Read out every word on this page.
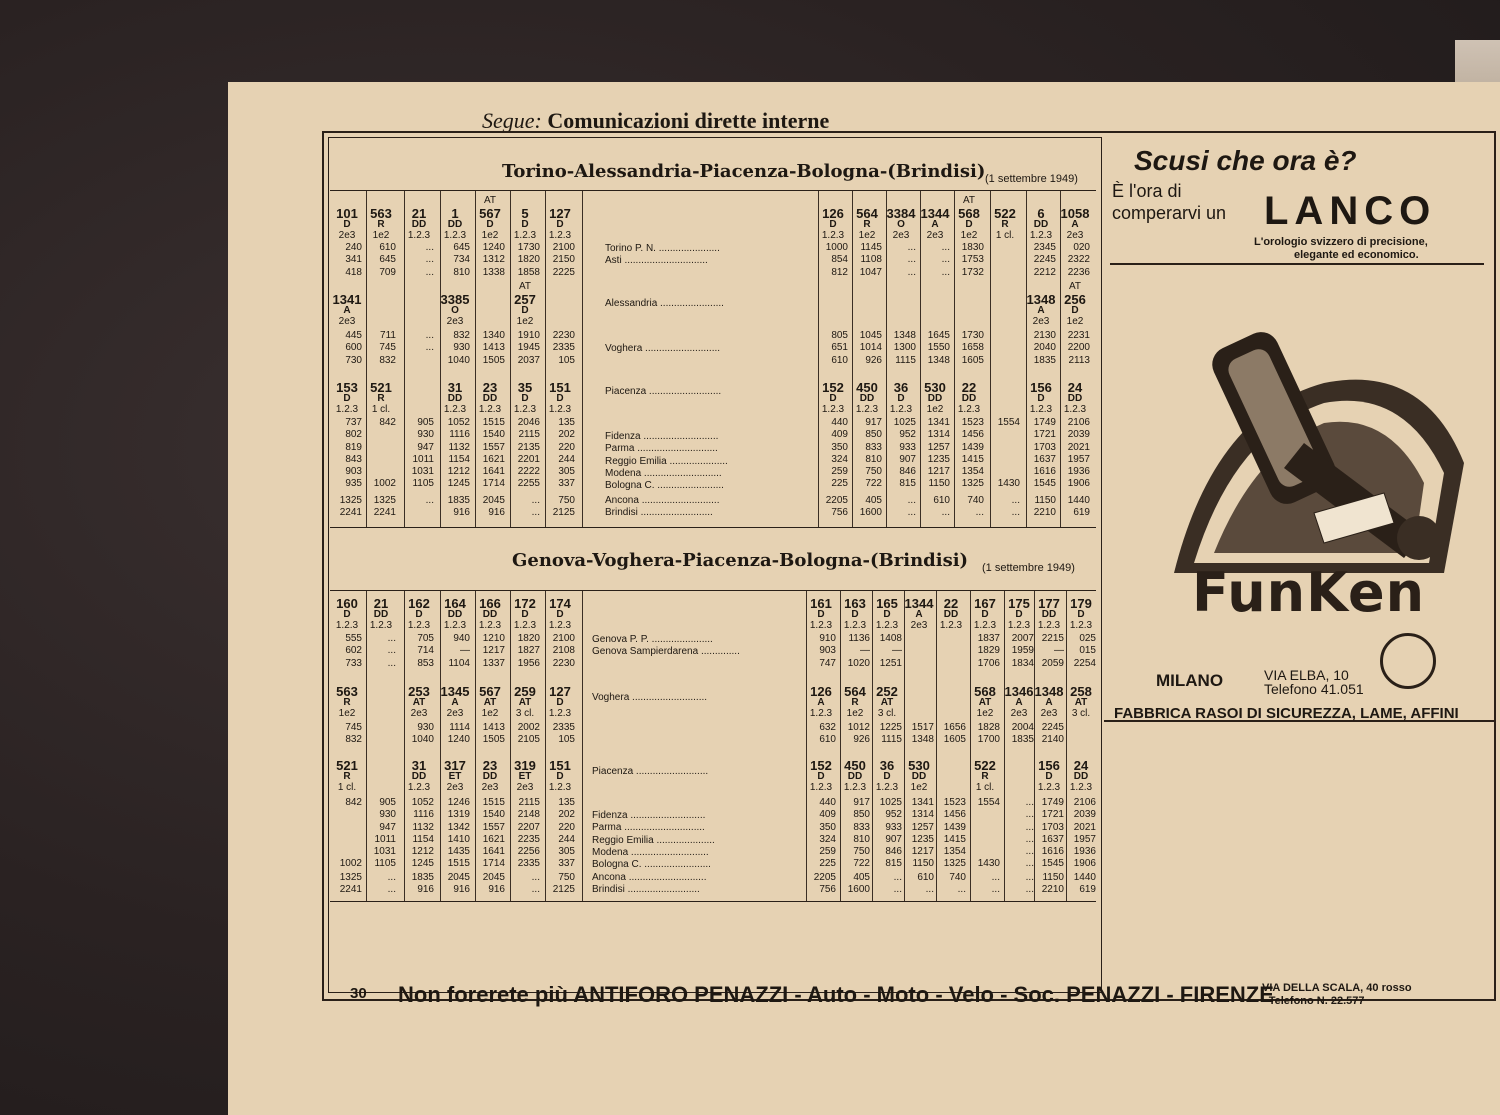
Segue: Comunicazioni dirette interne
Torino-Alessandria-Piacenza-Bologna-(Brindisi) (1 settembre 1949)
101
D
2e3
563
R
1e2
21
DD
1.2.3
1
DD
1.2.3
AT
567
D
1e2
5
D
1.2.3
127
D
1.2.3
126
D
1.2.3
564
R
1e2
3384
O
2e3
1344
A
2e3
AT
568
D
1e2
522
R
1 cl.
6
DD
1.2.3
1058
A
2e3
240
341
418
610
645
709
...
...
...
645
734
810
1240
1312
1338
1730
1820
1858
2100
2150
2225
1000
854
812
1145
1108
1047
...
...
...
...
...
...
1830
1753
1732
2345
2245
2212
020
2322
2236
Torino P. N. ......................
Asti ..............................
1341
A
2e3
3385
O
2e3
AT
257
D
1e2
1348
A
2e3
AT
256
D
1e2
Alessandria .......................
445
600
730
711
745
832
...
...

832
930
1040
1340
1413
1505
1910
1945
2037
2230
2335
105
805
651
610
1045
1014
926
1348
1300
1115
1645
1550
1348
1730
1658
1605
2130
2040
1835
2231
2200
2113
Voghera ...........................
153
D
1.2.3
521
R
1 cl.
31
DD
1.2.3
23
DD
1.2.3
35
D
1.2.3
151
D
1.2.3
152
D
1.2.3
450
DD
1.2.3
36
D
1.2.3
530
DD
1e2
22
DD
1.2.3
156
D
1.2.3
24
DD
1.2.3
Piacenza ..........................
737
802
819
843
903
935
842

1002
905
930
947
1011
1031
1105
1052
1116
1132
1154
1212
1245
1515
1540
1557
1621
1641
1714
2046
2115
2135
2201
2222
2255
135
202
220
244
305
337
440
409
350
324
259
225
917
850
833
810
750
722
1025
952
933
907
846
815
1341
1314
1257
1235
1217
1150
1523
1456
1439
1415
1354
1325
1554

1430
1749
1721
1703
1637
1616
1545
2106
2039
2021
1957
1936
1906
Fidenza ...........................
Parma .............................
Reggio Emilia .....................
Modena ............................
Bologna C. ........................
1325
2241
1325
2241
...	1835
916
2045
916
...
...
750
2125
2205
756
405
1600
...
...
610
...
740
...
...
...
1150
2210
1440
619
Ancona ............................
Brindisi ..........................
Genova-Voghera-Piacenza-Bologna-(Brindisi) (1 settembre 1949)
160
D
1.2.3
21
DD
1.2.3
162
D
1.2.3
164
DD
1.2.3
166
DD
1.2.3
172
D
1.2.3
174
D
1.2.3
161
D
1.2.3
163
D
1.2.3
165
D
1.2.3
1344
A
2e3
22
DD
1.2.3
167
D
1.2.3
175
D
1.2.3
177
DD
1.2.3
179
D
1.2.3
555
602
733
...
...
...
705
714
853
940
—
1104
1210
1217
1337
1820
1827
1956
2100
2108
2230
910
903
747
1136
—
1020
1408
—
1251
1837
1829
1706
2007
1959
1834
2215
—
2059
025
015
2254
Genova P. P. ......................
Genova Sampierdarena ..............
563
R
1e2
253
AT
2e3
1345
A
2e3
567
AT
1e2
259
AT
3 cl.
127
D
1.2.3
126
A
1.2.3
564
R
1e2
252
AT
3 cl.
568
AT
1e2
1346
A
2e3
1348
A
2e3
258
AT
3 cl.
Voghera ...........................
745
832
930
1040
1114
1240
1413
1505
2002
2105
2335
105
632
610
1012
926
1225
1115
1517
1348
1656
1605
1828
1700
2004
1835
2245
2140
521
R
1 cl.
31
DD
1.2.3
317
ET
2e3
23
DD
2e3
319
ET
2e3
151
D
1.2.3
152
D
1.2.3
450
DD
1.2.3
36
D
1.2.3
530
DD
1e2
522
R
1 cl.
156
D
1.2.3
24
DD
1.2.3
Piacenza ..........................
842

1002
905
930
947
1011
1031
1105
1052
1116
1132
1154
1212
1245
1246
1319
1342
1410
1435
1515
1515
1540
1557
1621
1641
1714
2115
2148
2207
2235
2256
2335
135
202
220
244
305
337
440
409
350
324
259
225
917
850
833
810
750
722
1025
952
933
907
846
815
1341
1314
1257
1235
1217
1150
1523
1456
1439
1415
1354
1325
1554

1430
...
...
...
...
...
...
1749
1721
1703
1637
1616
1545
2106
2039
2021
1957
1936
1906
Fidenza ...........................
Parma .............................
Reggio Emilia .....................
Modena ............................
Bologna C. ........................
1325
2241
...
...
1835
916
2045
916
2045
916
...
...
750
2125
2205
756
405
1600
...
...
610
...
740
...
...
...
...
...
1150
2210
1440
619
Ancona ............................
Brindisi ..........................
Scusi che ora è?
È l'ora di
comperarvi un LANCO
L'orologio svizzero di precisione,
elegante ed economico.
FunKen
MILANO	VIA ELBA, 10
Telefono 41.051
FABBRICA RASOI DI SICUREZZA, LAME, AFFINI
30 Non forerete più ANTIFORO PENAZZI - Auto - Moto - Velo - Soc. PENAZZI - FIRENZE
VIA DELLA SCALA, 40 rosso
- Telefono N. 22.577
